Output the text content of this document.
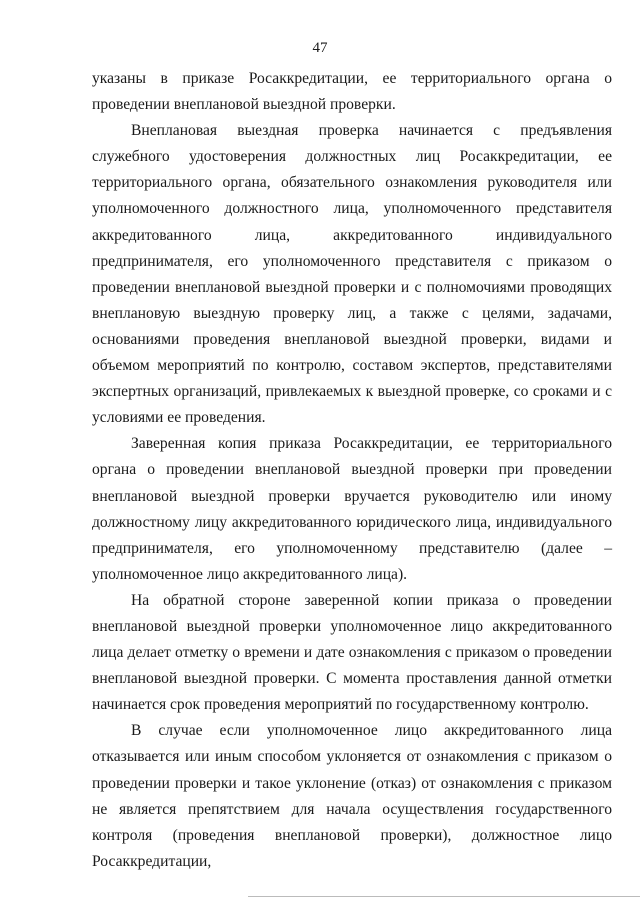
47

указаны в приказе Росаккредитации, ее территориального органа о проведении внеплановой выездной проверки.

Внеплановая выездная проверка начинается с предъявления служебного удостоверения должностных лиц Росаккредитации, ее территориального органа, обязательного ознакомления руководителя или уполномоченного должностного лица, уполномоченного представителя аккредитованного лица, аккредитованного индивидуального предпринимателя, его уполномоченного представителя с приказом о проведении внеплановой выездной проверки и с полномочиями проводящих внеплановую выездную проверку лиц, а также с целями, задачами, основаниями проведения внеплановой выездной проверки, видами и объемом мероприятий по контролю, составом экспертов, представителями экспертных организаций, привлекаемых к выездной проверке, со сроками и с условиями ее проведения.

Заверенная копия приказа Росаккредитации, ее территориального органа о проведении внеплановой выездной проверки при проведении внеплановой выездной проверки вручается руководителю или иному должностному лицу аккредитованного юридического лица, индивидуального предпринимателя, его уполномоченному представителю (далее – уполномоченное лицо аккредитованного лица).

На обратной стороне заверенной копии приказа о проведении внеплановой выездной проверки уполномоченное лицо аккредитованного лица делает отметку о времени и дате ознакомления с приказом о проведении внеплановой выездной проверки. С момента проставления данной отметки начинается срок проведения мероприятий по государственному контролю.

В случае если уполномоченное лицо аккредитованного лица отказывается или иным способом уклоняется от ознакомления с приказом о проведении проверки и такое уклонение (отказ) от ознакомления с приказом не является препятствием для начала осуществления государственного контроля (проведения внеплановой проверки), должностное лицо Росаккредитации,
